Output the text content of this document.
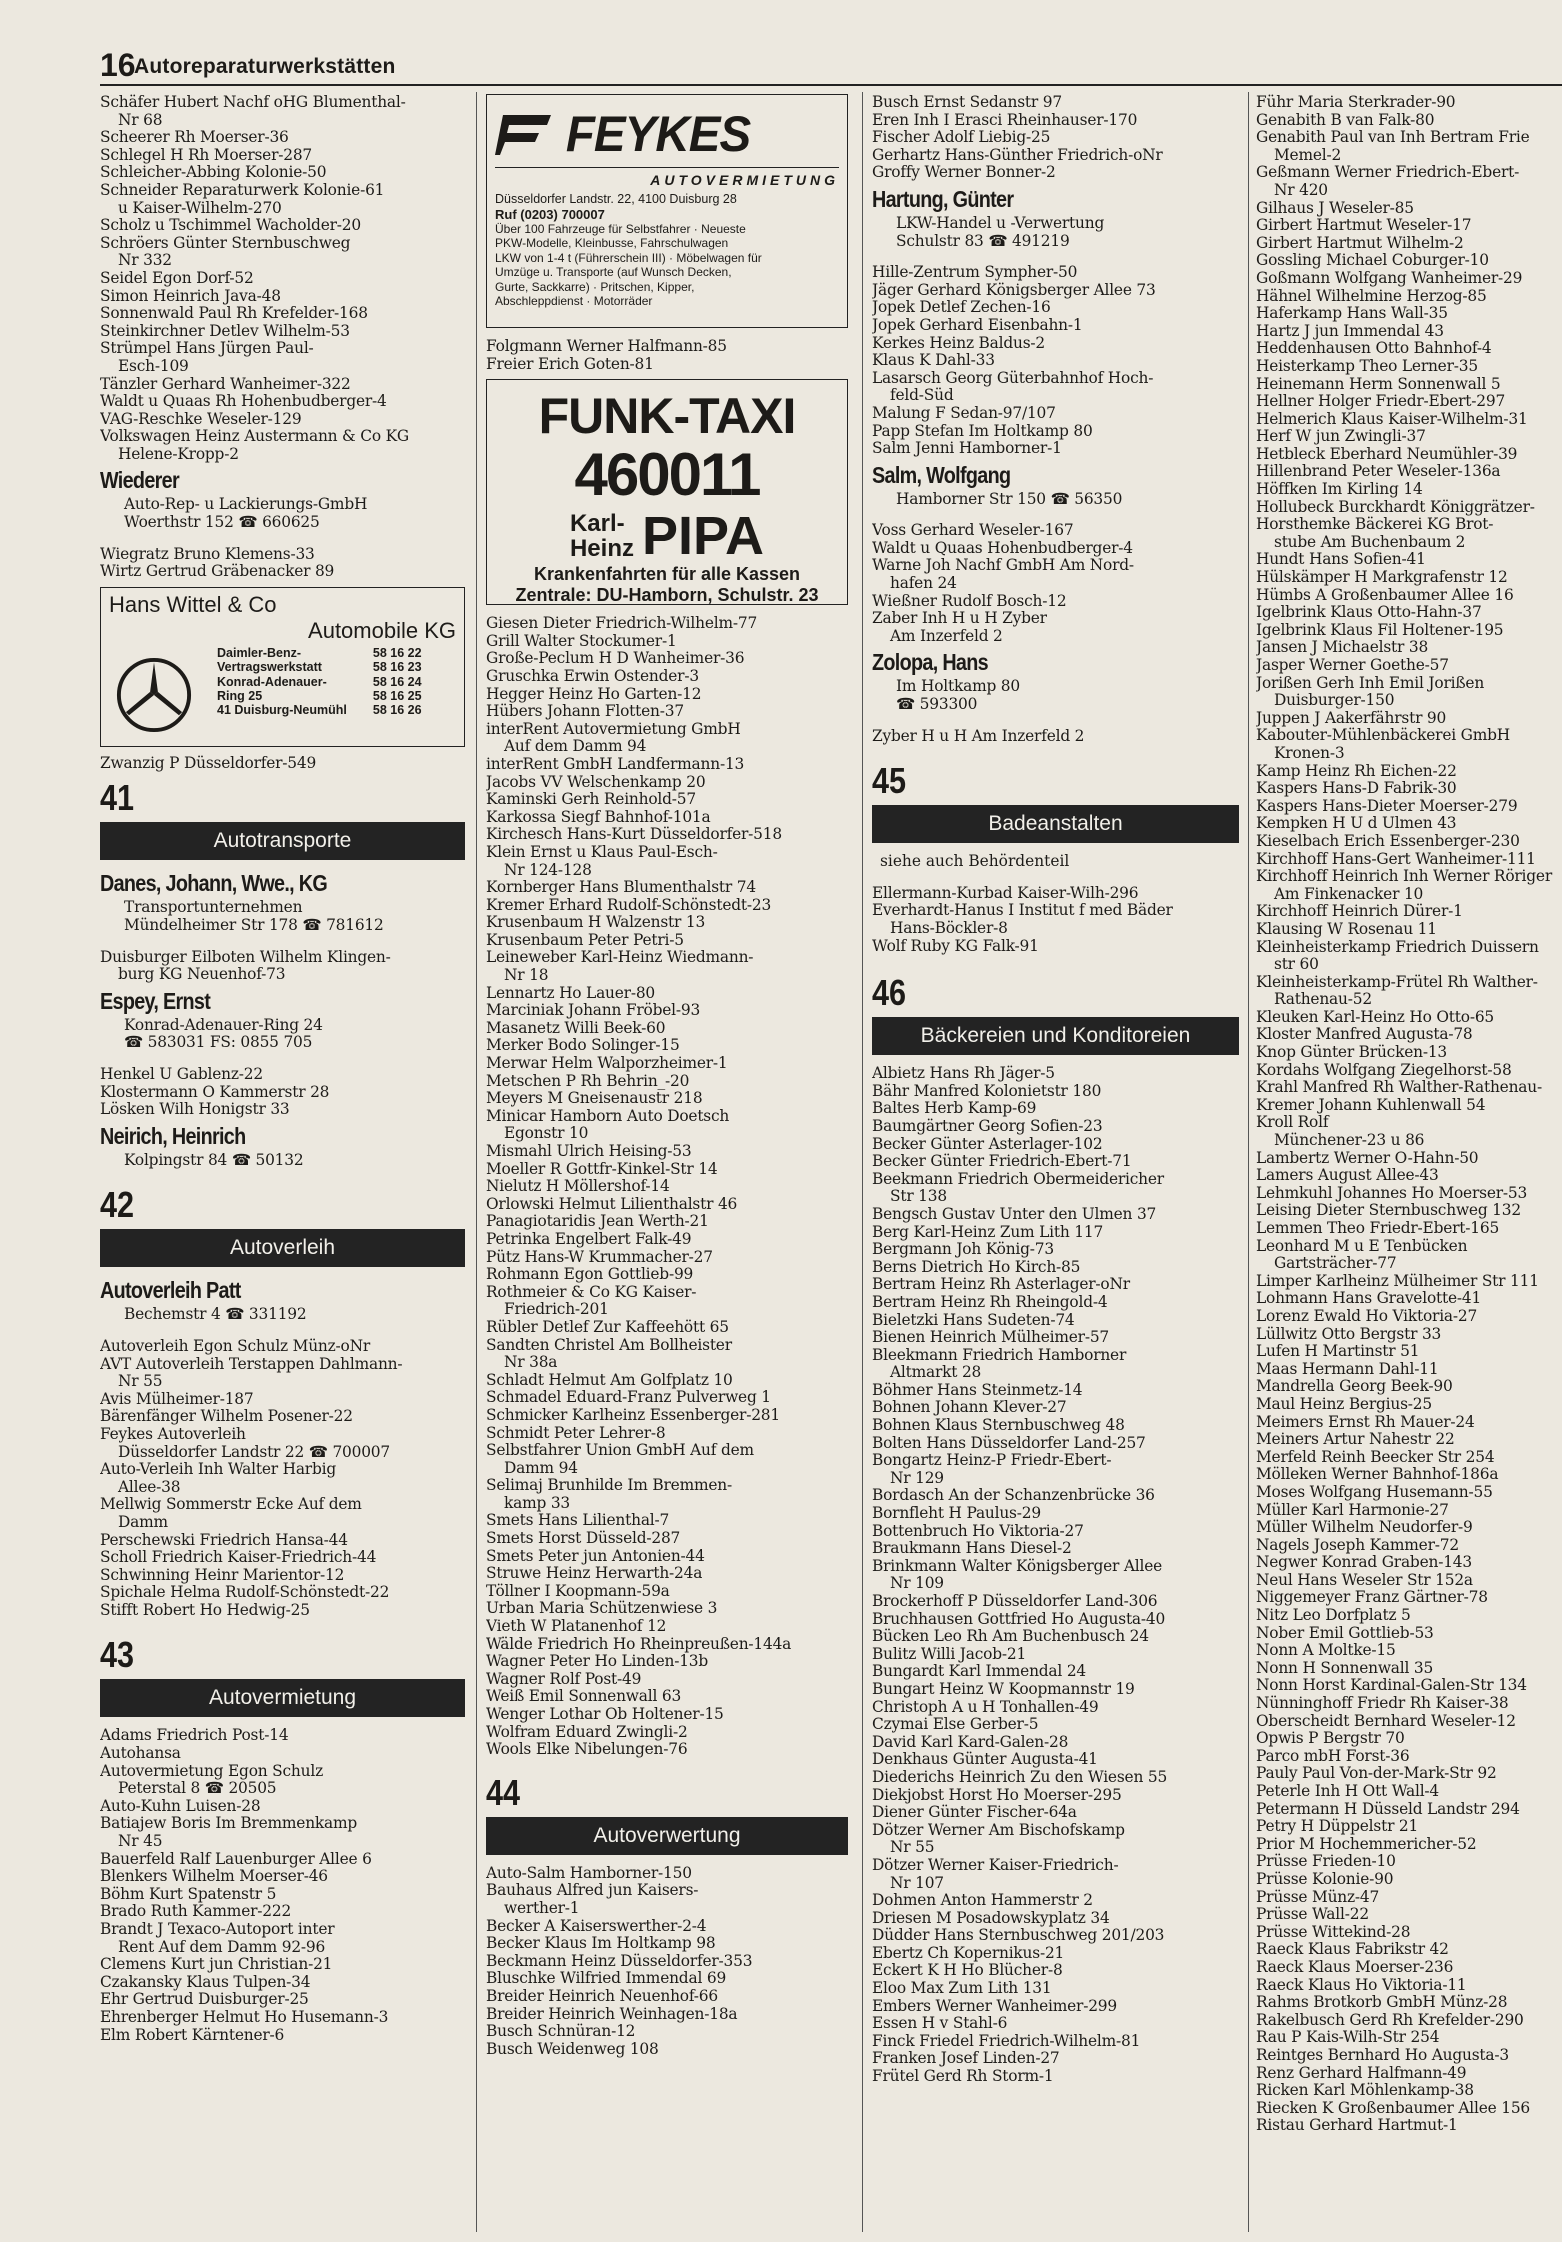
16
Autoreparaturwerkstätten

Schäfer Hubert Nachf oHG Blumenthal-
Nr 68

Scheerer Rh Moerser-36

Schlegel H Rh Moerser-287

Schleicher-Abbing Kolonie-50

Schneider Reparaturwerk Kolonie-61
u Kaiser-Wilhelm-270

Scholz u Tschimmel Wacholder-20

Schröers Günter Sternbuschweg
Nr 332

Seidel Egon Dorf-52

Simon Heinrich Java-48

Sonnenwald Paul Rh Krefelder-168

Steinkirchner Detlev Wilhelm-53

Strümpel Hans Jürgen Paul-
Esch-109

Tänzler Gerhard Wanheimer-322

Waldt u Quaas Rh Hohenbudberger-4

VAG-Reschke Weseler-129

Volkswagen Heinz Austermann & Co KG
Helene-Kropp-2

Wiederer
Auto-Rep- u Lackierungs-GmbH
Woerthstr 152 ☎ 660625

Wiegratz Bruno Klemens-33

Wirtz Gertrud Gräbenacker 89

Hans Wittel & Co
Automobile KG
Daimler-Benz-	58 16 22
Vertragswerkstatt	58 16 23
Konrad-Adenauer-	58 16 24
Ring 25	58 16 25
41 Duisburg-Neumühl	58 16 26

Zwanzig P Düsseldorfer-549

41
Autotransporte
Danes, Johann, Wwe., KG
Transportunternehmen
Mündelheimer Str 178 ☎ 781612

Duisburger Eilboten Wilhelm Klingen-
burg KG Neuenhof-73

Espey, Ernst
Konrad-Adenauer-Ring 24
☎ 583031 FS: 0855 705

Henkel U Gablenz-22

Klostermann O Kammerstr 28

Lösken Wilh Honigstr 33

Neirich, Heinrich
Kolpingstr 84 ☎ 50132
42
Autoverleih
Autoverleih Patt
Bechemstr 4 ☎ 331192

Autoverleih Egon Schulz Münz-oNr

AVT Autoverleih Terstappen Dahlmann-
Nr 55

Avis Mülheimer-187

Bärenfänger Wilhelm Posener-22

Feykes Autoverleih
Düsseldorfer Landstr 22 ☎ 700007

Auto-Verleih Inh Walter Harbig
Allee-38

Mellwig Sommerstr Ecke Auf dem
Damm

Perschewski Friedrich Hansa-44

Scholl Friedrich Kaiser-Friedrich-44

Schwinning Heinr Marientor-12

Spichale Helma Rudolf-Schönstedt-22

Stifft Robert Ho Hedwig-25

43
Autovermietung

Adams Friedrich Post-14

Autohansa

Autovermietung Egon Schulz
Peterstal 8 ☎ 20505

Auto-Kuhn Luisen-28

Batiajew Boris Im Bremmenkamp
Nr 45

Bauerfeld Ralf Lauenburger Allee 6

Blenkers Wilhelm Moerser-46

Böhm Kurt Spatenstr 5

Brado Ruth Kammer-222

Brandt J Texaco-Autoport inter
Rent Auf dem Damm 92-96

Clemens Kurt jun Christian-21

Czakansky Klaus Tulpen-34

Ehr Gertrud Duisburger-25

Ehrenberger Helmut Ho Husemann-3

Elm Robert Kärntener-6

FEYKES
AUTOVERMIETUNG
Düsseldorfer Landstr. 22, 4100 Duisburg 28
Ruf (0203) 700007
Über 100 Fahrzeuge für Selbstfahrer · Neueste
PKW-Modelle, Kleinbusse, Fahrschulwagen
LKW von 1-4 t (Führerschein III) · Möbelwagen für
Umzüge u. Transporte (auf Wunsch Decken,
Gurte, Sackkarre) · Pritschen, Kipper,
Abschleppdienst · Motorräder

Folgmann Werner Halfmann-85

Freier Erich Goten-81

FUNK-TAXI
460011
Karl-
Heinz PIPA
Krankenfahrten für alle Kassen
Zentrale: DU-Hamborn, Schulstr. 23

Giesen Dieter Friedrich-Wilhelm-77

Grill Walter Stockumer-1

Große-Peclum H D Wanheimer-36

Gruschka Erwin Ostender-3

Hegger Heinz Ho Garten-12

Hübers Johann Flotten-37

interRent Autovermietung GmbH
Auf dem Damm 94

interRent GmbH Landfermann-13

Jacobs VV Welschenkamp 20

Kaminski Gerh Reinhold-57

Karkossa Siegf Bahnhof-101a

Kirchesch Hans-Kurt Düsseldorfer-518

Klein Ernst u Klaus Paul-Esch-
Nr 124-128

Kornberger Hans Blumenthalstr 74

Kremer Erhard Rudolf-Schönstedt-23

Krusenbaum H Walzenstr 13

Krusenbaum Peter Petri-5

Leineweber Karl-Heinz Wiedmann-
Nr 18

Lennartz Ho Lauer-80

Marciniak Johann Fröbel-93

Masanetz Willi Beek-60

Merker Bodo Solinger-15

Merwar Helm Walporzheimer-1

Metschen P Rh Behrin_-20

Meyers M Gneisenaustr 218

Minicar Hamborn Auto Doetsch
Egonstr 10

Mismahl Ulrich Heising-53

Moeller R Gottfr-Kinkel-Str 14

Nielutz H Möllershof-14

Orlowski Helmut Lilienthalstr 46

Panagiotaridis Jean Werth-21

Petrinka Engelbert Falk-49

Pütz Hans-W Krummacher-27

Rohmann Egon Gottlieb-99

Rothmeier & Co KG Kaiser-
Friedrich-201

Rübler Detlef Zur Kaffeehött 65

Sandten Christel Am Bollheister
Nr 38a

Schladt Helmut Am Golfplatz 10

Schmadel Eduard-Franz Pulverweg 1

Schmicker Karlheinz Essenberger-281

Schmidt Peter Lehrer-8

Selbstfahrer Union GmbH Auf dem
Damm 94

Selimaj Brunhilde Im Bremmen-
kamp 33

Smets Hans Lilienthal-7

Smets Horst Düsseld-287

Smets Peter jun Antonien-44

Struwe Heinz Herwarth-24a

Töllner I Koopmann-59a

Urban Maria Schützenwiese 3

Vieth W Platanenhof 12

Wälde Friedrich Ho Rheinpreußen-144a

Wagner Peter Ho Linden-13b

Wagner Rolf Post-49

Weiß Emil Sonnenwall 63

Wenger Lothar Ob Holtener-15

Wolfram Eduard Zwingli-2

Wools Elke Nibelungen-76

44
Autoverwertung

Auto-Salm Hamborner-150

Bauhaus Alfred jun Kaisers-
werther-1

Becker A Kaiserswerther-2-4

Becker Klaus Im Holtkamp 98

Beckmann Heinz Düsseldorfer-353

Bluschke Wilfried Immendal 69

Breider Heinrich Neuenhof-66

Breider Heinrich Weinhagen-18a

Busch Schnüran-12

Busch Weidenweg 108

Busch Ernst Sedanstr 97

Eren Inh I Erasci Rheinhauser-170

Fischer Adolf Liebig-25

Gerhartz Hans-Günther Friedrich-oNr

Groffy Werner Bonner-2

Hartung, Günter
LKW-Handel u -Verwertung
Schulstr 83 ☎ 491219

Hille-Zentrum Sympher-50

Jäger Gerhard Königsberger Allee 73

Jopek Detlef Zechen-16

Jopek Gerhard Eisenbahn-1

Kerkes Heinz Baldus-2

Klaus K Dahl-33

Lasarsch Georg Güterbahnhof Hoch-
feld-Süd

Malung F Sedan-97/107

Papp Stefan Im Holtkamp 80

Salm Jenni Hamborner-1

Salm, Wolfgang
Hamborner Str 150 ☎ 56350

Voss Gerhard Weseler-167

Waldt u Quaas Hohenbudberger-4

Warne Joh Nachf GmbH Am Nord-
hafen 24

Wießner Rudolf Bosch-12

Zaber Inh H u H Zyber
Am Inzerfeld 2

Zolopa, Hans
Im Holtkamp 80
☎ 593300

Zyber H u H Am Inzerfeld 2

45
Badeanstalten
siehe auch Behördenteil

Ellermann-Kurbad Kaiser-Wilh-296

Everhardt-Hanus I Institut f med Bäder
Hans-Böckler-8

Wolf Ruby KG Falk-91

46
Bäckereien und Konditoreien

Albietz Hans Rh Jäger-5

Bähr Manfred Kolonietstr 180

Baltes Herb Kamp-69

Baumgärtner Georg Sofien-23

Becker Günter Asterlager-102

Becker Günter Friedrich-Ebert-71

Beekmann Friedrich Obermeidericher
Str 138

Bengsch Gustav Unter den Ulmen 37

Berg Karl-Heinz Zum Lith 117

Bergmann Joh König-73

Berns Dietrich Ho Kirch-85

Bertram Heinz Rh Asterlager-oNr

Bertram Heinz Rh Rheingold-4

Bieletzki Hans Sudeten-74

Bienen Heinrich Mülheimer-57

Bleekmann Friedrich Hamborner
Altmarkt 28

Böhmer Hans Steinmetz-14

Bohnen Johann Klever-27

Bohnen Klaus Sternbuschweg 48

Bolten Hans Düsseldorfer Land-257

Bongartz Heinz-P Friedr-Ebert-
Nr 129

Bordasch An der Schanzenbrücke 36

Bornfleht H Paulus-29

Bottenbruch Ho Viktoria-27

Braukmann Hans Diesel-2

Brinkmann Walter Königsberger Allee
Nr 109

Brockerhoff P Düsseldorfer Land-306

Bruchhausen Gottfried Ho Augusta-40

Bücken Leo Rh Am Buchenbusch 24

Bulitz Willi Jacob-21

Bungardt Karl Immendal 24

Bungart Heinz W Koopmannstr 19

Christoph A u H Tonhallen-49

Czymai Else Gerber-5

David Karl Kard-Galen-28

Denkhaus Günter Augusta-41

Diederichs Heinrich Zu den Wiesen 55

Diekjobst Horst Ho Moerser-295

Diener Günter Fischer-64a

Dötzer Werner Am Bischofskamp
Nr 55

Dötzer Werner Kaiser-Friedrich-
Nr 107

Dohmen Anton Hammerstr 2

Driesen M Posadowskyplatz 34

Düdder Hans Sternbuschweg 201/203

Ebertz Ch Kopernikus-21

Eckert K H Ho Blücher-8

Eloo Max Zum Lith 131

Embers Werner Wanheimer-299

Essen H v Stahl-6

Finck Friedel Friedrich-Wilhelm-81

Franken Josef Linden-27

Frütel Gerd Rh Storm-1

Führ Maria Sterkrader-90

Genabith B van Falk-80

Genabith Paul van Inh Bertram Frie
Memel-2

Geßmann Werner Friedrich-Ebert-
Nr 420

Gilhaus J Weseler-85

Girbert Hartmut Weseler-17

Girbert Hartmut Wilhelm-2

Gossling Michael Coburger-10

Goßmann Wolfgang Wanheimer-29

Hähnel Wilhelmine Herzog-85

Haferkamp Hans Wall-35

Hartz J jun Immendal 43

Heddenhausen Otto Bahnhof-4

Heisterkamp Theo Lerner-35

Heinemann Herm Sonnenwall 5

Hellner Holger Friedr-Ebert-297

Helmerich Klaus Kaiser-Wilhelm-31

Herf W jun Zwingli-37

Hetbleck Eberhard Neumühler-39

Hillenbrand Peter Weseler-136a

Höffken Im Kirling 14

Hollubeck Burckhardt Königgrätzer-

Horsthemke Bäckerei KG Brot-
stube Am Buchenbaum 2

Hundt Hans Sofien-41

Hülskämper H Markgrafenstr 12

Hümbs A Großenbaumer Allee 16

Igelbrink Klaus Otto-Hahn-37

Igelbrink Klaus Fil Holtener-195

Jansen J Michaelstr 38

Jasper Werner Goethe-57

Jorißen Gerh Inh Emil Jorißen
Duisburger-150

Juppen J Aakerfährstr 90

Kabouter-Mühlenbäckerei GmbH
Kronen-3

Kamp Heinz Rh Eichen-22

Kaspers Hans-D Fabrik-30

Kaspers Hans-Dieter Moerser-279

Kempken H U d Ulmen 43

Kieselbach Erich Essenberger-230

Kirchhoff Hans-Gert Wanheimer-111

Kirchhoff Heinrich Inh Werner Röriger
Am Finkenacker 10

Kirchhoff Heinrich Dürer-1

Klausing W Rosenau 11

Kleinheisterkamp Friedrich Duissern
str 60

Kleinheisterkamp-Frütel Rh Walther-
Rathenau-52

Kleuken Karl-Heinz Ho Otto-65

Kloster Manfred Augusta-78

Knop Günter Brücken-13

Kordahs Wolfgang Ziegelhorst-58

Krahl Manfred Rh Walther-Rathenau-

Kremer Johann Kuhlenwall 54

Kroll Rolf
Münchener-23 u 86

Lambertz Werner O-Hahn-50

Lamers August Allee-43

Lehmkuhl Johannes Ho Moerser-53

Leising Dieter Sternbuschweg 132

Lemmen Theo Friedr-Ebert-165

Leonhard M u E Tenbücken
Gartsträcher-77

Limper Karlheinz Mülheimer Str 111

Lohmann Hans Gravelotte-41

Lorenz Ewald Ho Viktoria-27

Lüllwitz Otto Bergstr 33

Lufen H Martinstr 51

Maas Hermann Dahl-11

Mandrella Georg Beek-90

Maul Heinz Bergius-25

Meimers Ernst Rh Mauer-24

Meiners Artur Nahestr 22

Merfeld Reinh Beecker Str 254

Mölleken Werner Bahnhof-186a

Moses Wolfgang Husemann-55

Müller Karl Harmonie-27

Müller Wilhelm Neudorfer-9

Nagels Joseph Kammer-72

Negwer Konrad Graben-143

Neul Hans Weseler Str 152a

Niggemeyer Franz Gärtner-78

Nitz Leo Dorfplatz 5

Nober Emil Gottlieb-53

Nonn A Moltke-15

Nonn H Sonnenwall 35

Nonn Horst Kardinal-Galen-Str 134

Nünninghoff Friedr Rh Kaiser-38

Oberscheidt Bernhard Weseler-12

Opwis P Bergstr 70

Parco mbH Forst-36

Pauly Paul Von-der-Mark-Str 92

Peterle Inh H Ott Wall-4

Petermann H Düsseld Landstr 294

Petry H Düppelstr 21

Prior M Hochemmericher-52

Prüsse Frieden-10

Prüsse Kolonie-90

Prüsse Münz-47

Prüsse Wall-22

Prüsse Wittekind-28

Raeck Klaus Fabrikstr 42

Raeck Klaus Moerser-236

Raeck Klaus Ho Viktoria-11

Rahms Brotkorb GmbH Münz-28

Rakelbusch Gerd Rh Krefelder-290

Rau P Kais-Wilh-Str 254

Reintges Bernhard Ho Augusta-3

Renz Gerhard Halfmann-49

Ricken Karl Möhlenkamp-38

Riecken K Großenbaumer Allee 156

Ristau Gerhard Hartmut-1
